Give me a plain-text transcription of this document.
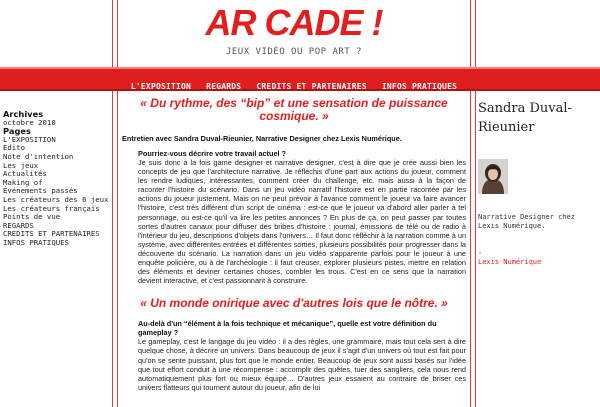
AR CADE !
JEUX VIDÉO OU POP ART ?
L'EXPOSITION REGARDS CREDITS ET PARTENAIRES INFOS PRATIQUES
Archives
octobre 2010
Pages
L'EXPOSITION
Edito
Note d'intention
Les jeux
Actualités
Making of
Événements passés
Les créateurs des 6 jeux
Les créateurs français
Points de vue
REGARDS
CREDITS ET PARTENAIRES
INFOS PRATIQUES
« Du rythme, des “bip” et une sensation de puissance cosmique. »
Entretien avec Sandra Duval-Rieunier, Narrative Designer chez Lexis Numérique.
Pourriez-vous décrire votre travail actuel ?
Je suis donc à la fois game designer et narrative designer, c'est à dire que je crée aussi bien les concepts de jeu que l'architecture narrative. Je réfléchis d'une part aux actions du joueur, comment les rendre ludiques, intéressantes, comment créer du challenge, etc. mais aussi à la façon de raconter l'histoire du scénario. Dans un jeu vidéo narratif l'histoire est en partie racontée par les actions du joueur justement. Mais on ne peut prévoir à l'avance comment le joueur va faire avancer l'histoire, c'est très différent d'un script de cinéma : est-ce que le joueur va d'abord aller parler à tel personnage, ou est-ce qu'il va lire les petites annonces ? En plus de ça, on peut passer par toutes sortes d'autres canaux pour diffuser des bribes d'histoire : journal, émissions de télé ou de radio à l'intérieur du jeu, descriptions d'objets dans l'univers… Il faut donc réfléchir à la narration comme à un système, avec différentes entrées et différentes sorties, plusieurs possibilités pour progresser dans la découverte du scénario. La narration dans un jeu vidéo s'apparente parfois pour le joueur à une enquête policière, ou à de l'archéologie : il faut creuser, explorer plusieurs pistes, mettre en relation des éléments et deviner certaines choses, combler les trous. C'est en ce sens que la narration devient interactive, et c'est passionnant à construire.
« Un monde onirique avec d'autres lois que le nôtre. »
Au-delà d'un “élément à la fois technique et mécanique”, quelle est votre définition du gameplay ?
Le gameplay, c'est le langage du jeu vidéo : il a des règles, une grammaire, mais tout cela sert à dire quelque chose, à décrire un univers. Dans beaucoup de jeux il s'agit d'un univers où tout est fait pour qu'on se sente puissant, plus fort que le monde entier. Beaucoup de jeux sont aussi basés sur l'idée que tout effort conduit à une récompense : accomplir des quêtes, tuer des sangliers, cela nous rend automatiquement plus fort ou mieux équipé… D'autres jeux essaient au contraire de briser ces univers flatteurs qui tournent autour du joueur, afin de lui
Sandra Duval-Rieunier
Narrative Designer chez Lexis Numérique.
-
Lexis Numérique
